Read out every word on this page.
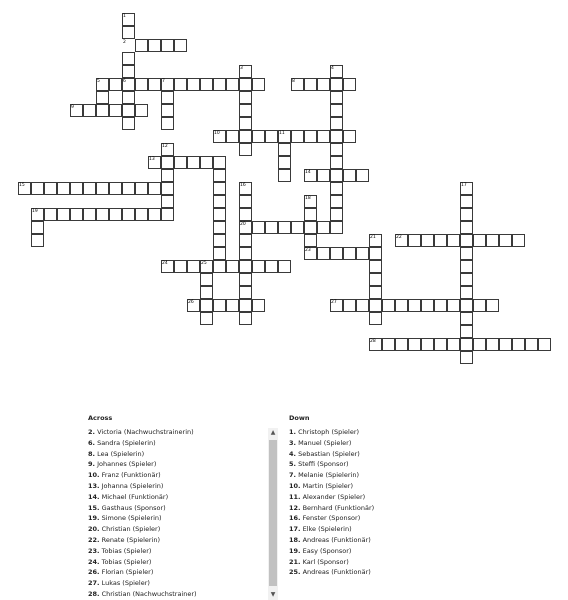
1
2
3	4
5	6	7	8
9
10	11
12
13
14
15	16	17
18
19
20
21	22
23
24	25
26	27
28
Across
2. Victoria (Nachwuchstrainerin)
6. Sandra (Spielerin)
8. Lea (Spielerin)
9. Johannes (Spieler)
10. Franz (Funktionär)
13. Johanna (Spielerin)
14. Michael (Funktionär)
15. Gasthaus (Sponsor)
19. Simone (Spielerin)
20. Christian (Spieler)
22. Renate (Spielerin)
23. Tobias (Spieler)
24. Tobias (Spieler)
26. Florian (Spieler)
27. Lukas (Spieler)
28. Christian (Nachwuchstrainer)
▲
▼
Down
1. Christoph (Spieler)
3. Manuel (Spieler)
4. Sebastian (Spieler)
5. Steffi (Sponsor)
7. Melanie (Spielerin)
10. Martin (Spieler)
11. Alexander (Spieler)
12. Bernhard (Funktionär)
16. Fenster (Sponsor)
17. Elke (Spielerin)
18. Andreas (Funktionär)
19. Easy (Sponsor)
21. Karl (Sponsor)
25. Andreas (Funktionär)
